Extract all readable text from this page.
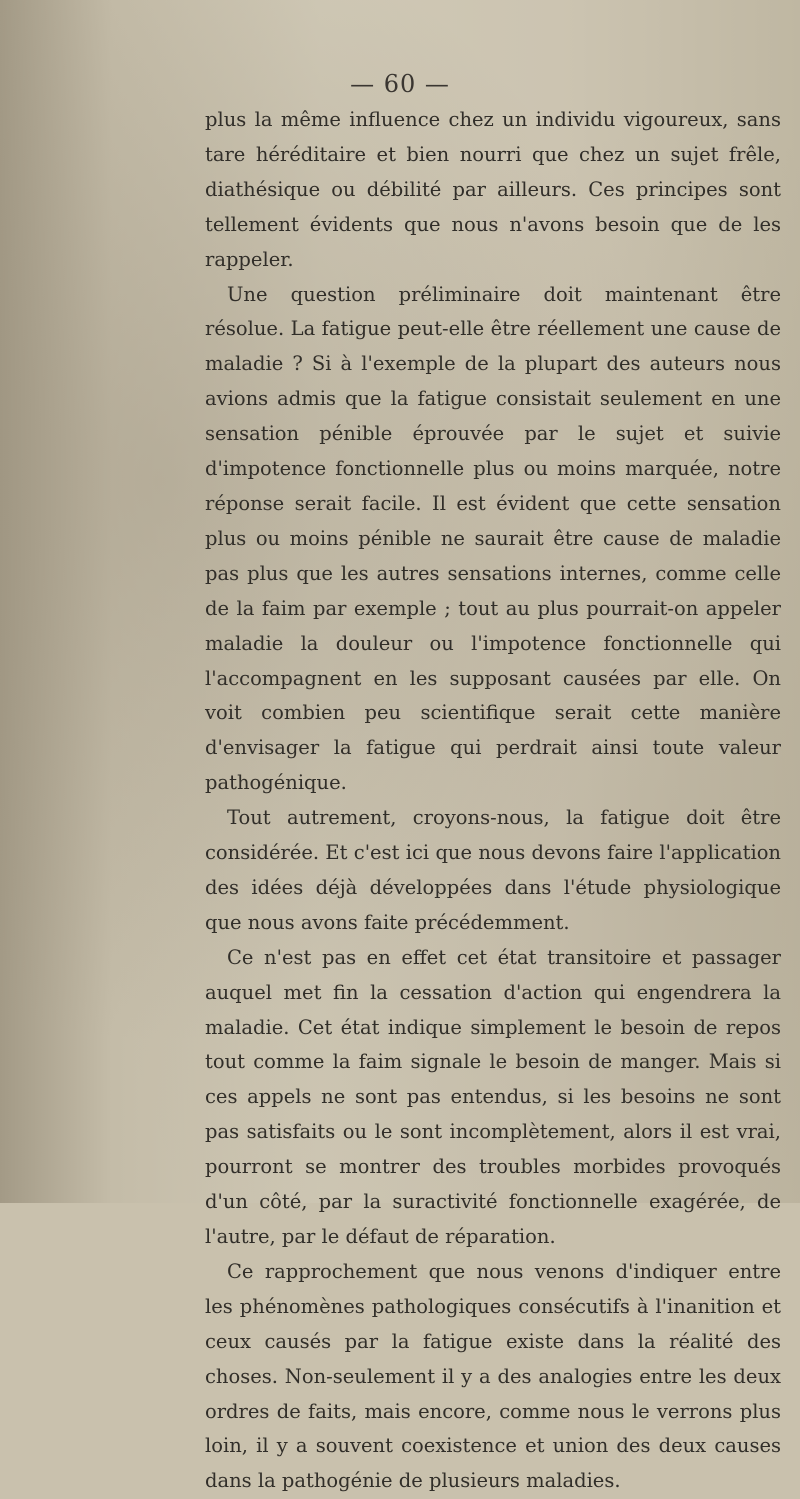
— 60 —

plus la même influence chez un individu vigoureux, sans tare héréditaire et bien nourri que chez un sujet frêle, diathésique ou débilité par ailleurs. Ces principes sont tellement évidents que nous n'avons besoin que de les rappeler.

Une question préliminaire doit maintenant être résolue. La fatigue peut-elle être réellement une cause de maladie ? Si à l'exemple de la plupart des auteurs nous avions admis que la fatigue consistait seulement en une sensation pénible éprouvée par le sujet et suivie d'impotence fonctionnelle plus ou moins marquée, notre réponse serait facile. Il est évident que cette sensation plus ou moins pénible ne saurait être cause de maladie pas plus que les autres sensations internes, comme celle de la faim par exemple ; tout au plus pourrait-on appeler maladie la douleur ou l'impotence fonctionnelle qui l'accompagnent en les supposant causées par elle. On voit combien peu scientifique serait cette manière d'envisager la fatigue qui perdrait ainsi toute valeur pathogénique.

Tout autrement, croyons-nous, la fatigue doit être considérée. Et c'est ici que nous devons faire l'application des idées déjà développées dans l'étude physiologique que nous avons faite précédemment.

Ce n'est pas en effet cet état transitoire et passager auquel met fin la cessation d'action qui engendrera la maladie. Cet état indique simplement le besoin de repos tout comme la faim signale le besoin de manger. Mais si ces appels ne sont pas entendus, si les besoins ne sont pas satisfaits ou le sont incomplètement, alors il est vrai, pourront se montrer des troubles morbides provoqués d'un côté, par la suractivité fonctionnelle exagérée, de l'autre, par le défaut de réparation.

Ce rapprochement que nous venons d'indiquer entre les phénomènes pathologiques consécutifs à l'inanition et ceux causés par la fatigue existe dans la réalité des choses. Non-seulement il y a des analogies entre les deux ordres de faits, mais encore, comme nous le verrons plus loin, il y a souvent coexistence et union des deux causes dans la pathogénie de plusieurs maladies.
